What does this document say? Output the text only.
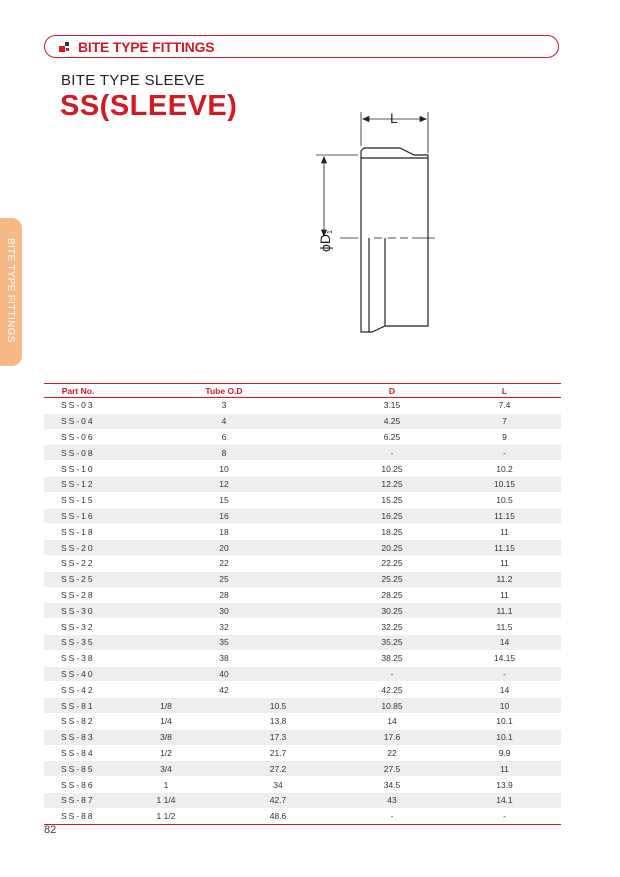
BITE TYPE FITTINGS
BITE TYPE SLEEVE
SS(SLEEVE)
BITE TYPE FITTINGS
L
ϕD
1
Part No.	Tube O.D		D	L
SS-03	3		3.15	7.4
SS-04	4		4.25	7
SS-06	6		6.25	9
SS-08	8		-	-
SS-10	10		10.25	10.2
SS-12	12		12.25	10.15
SS-15	15		15.25	10.5
SS-16	16		16.25	11.15
SS-18	18		18.25	11
SS-20	20		20.25	11.15
SS-22	22		22.25	11
SS-25	25		25.25	11.2
SS-28	28		28.25	11
SS-30	30		30.25	11.1
SS-32	32		32.25	11.5
SS-35	35		35.25	14
SS-38	38		38.25	14.15
SS-40	40		-	-
SS-42	42		42.25	14
SS-81	1/8	10.5	10.85	10
SS-82	1/4	13.8	14	10.1
SS-83	3/8	17.3	17.6	10.1
SS-84	1/2	21.7	22	9.9
SS-85	3/4	27.2	27.5	11
SS-86	1	34	34.5	13.9
SS-87	1 1/4	42.7	43	14.1
SS-88	1 1/2	48.6	-	-
82
